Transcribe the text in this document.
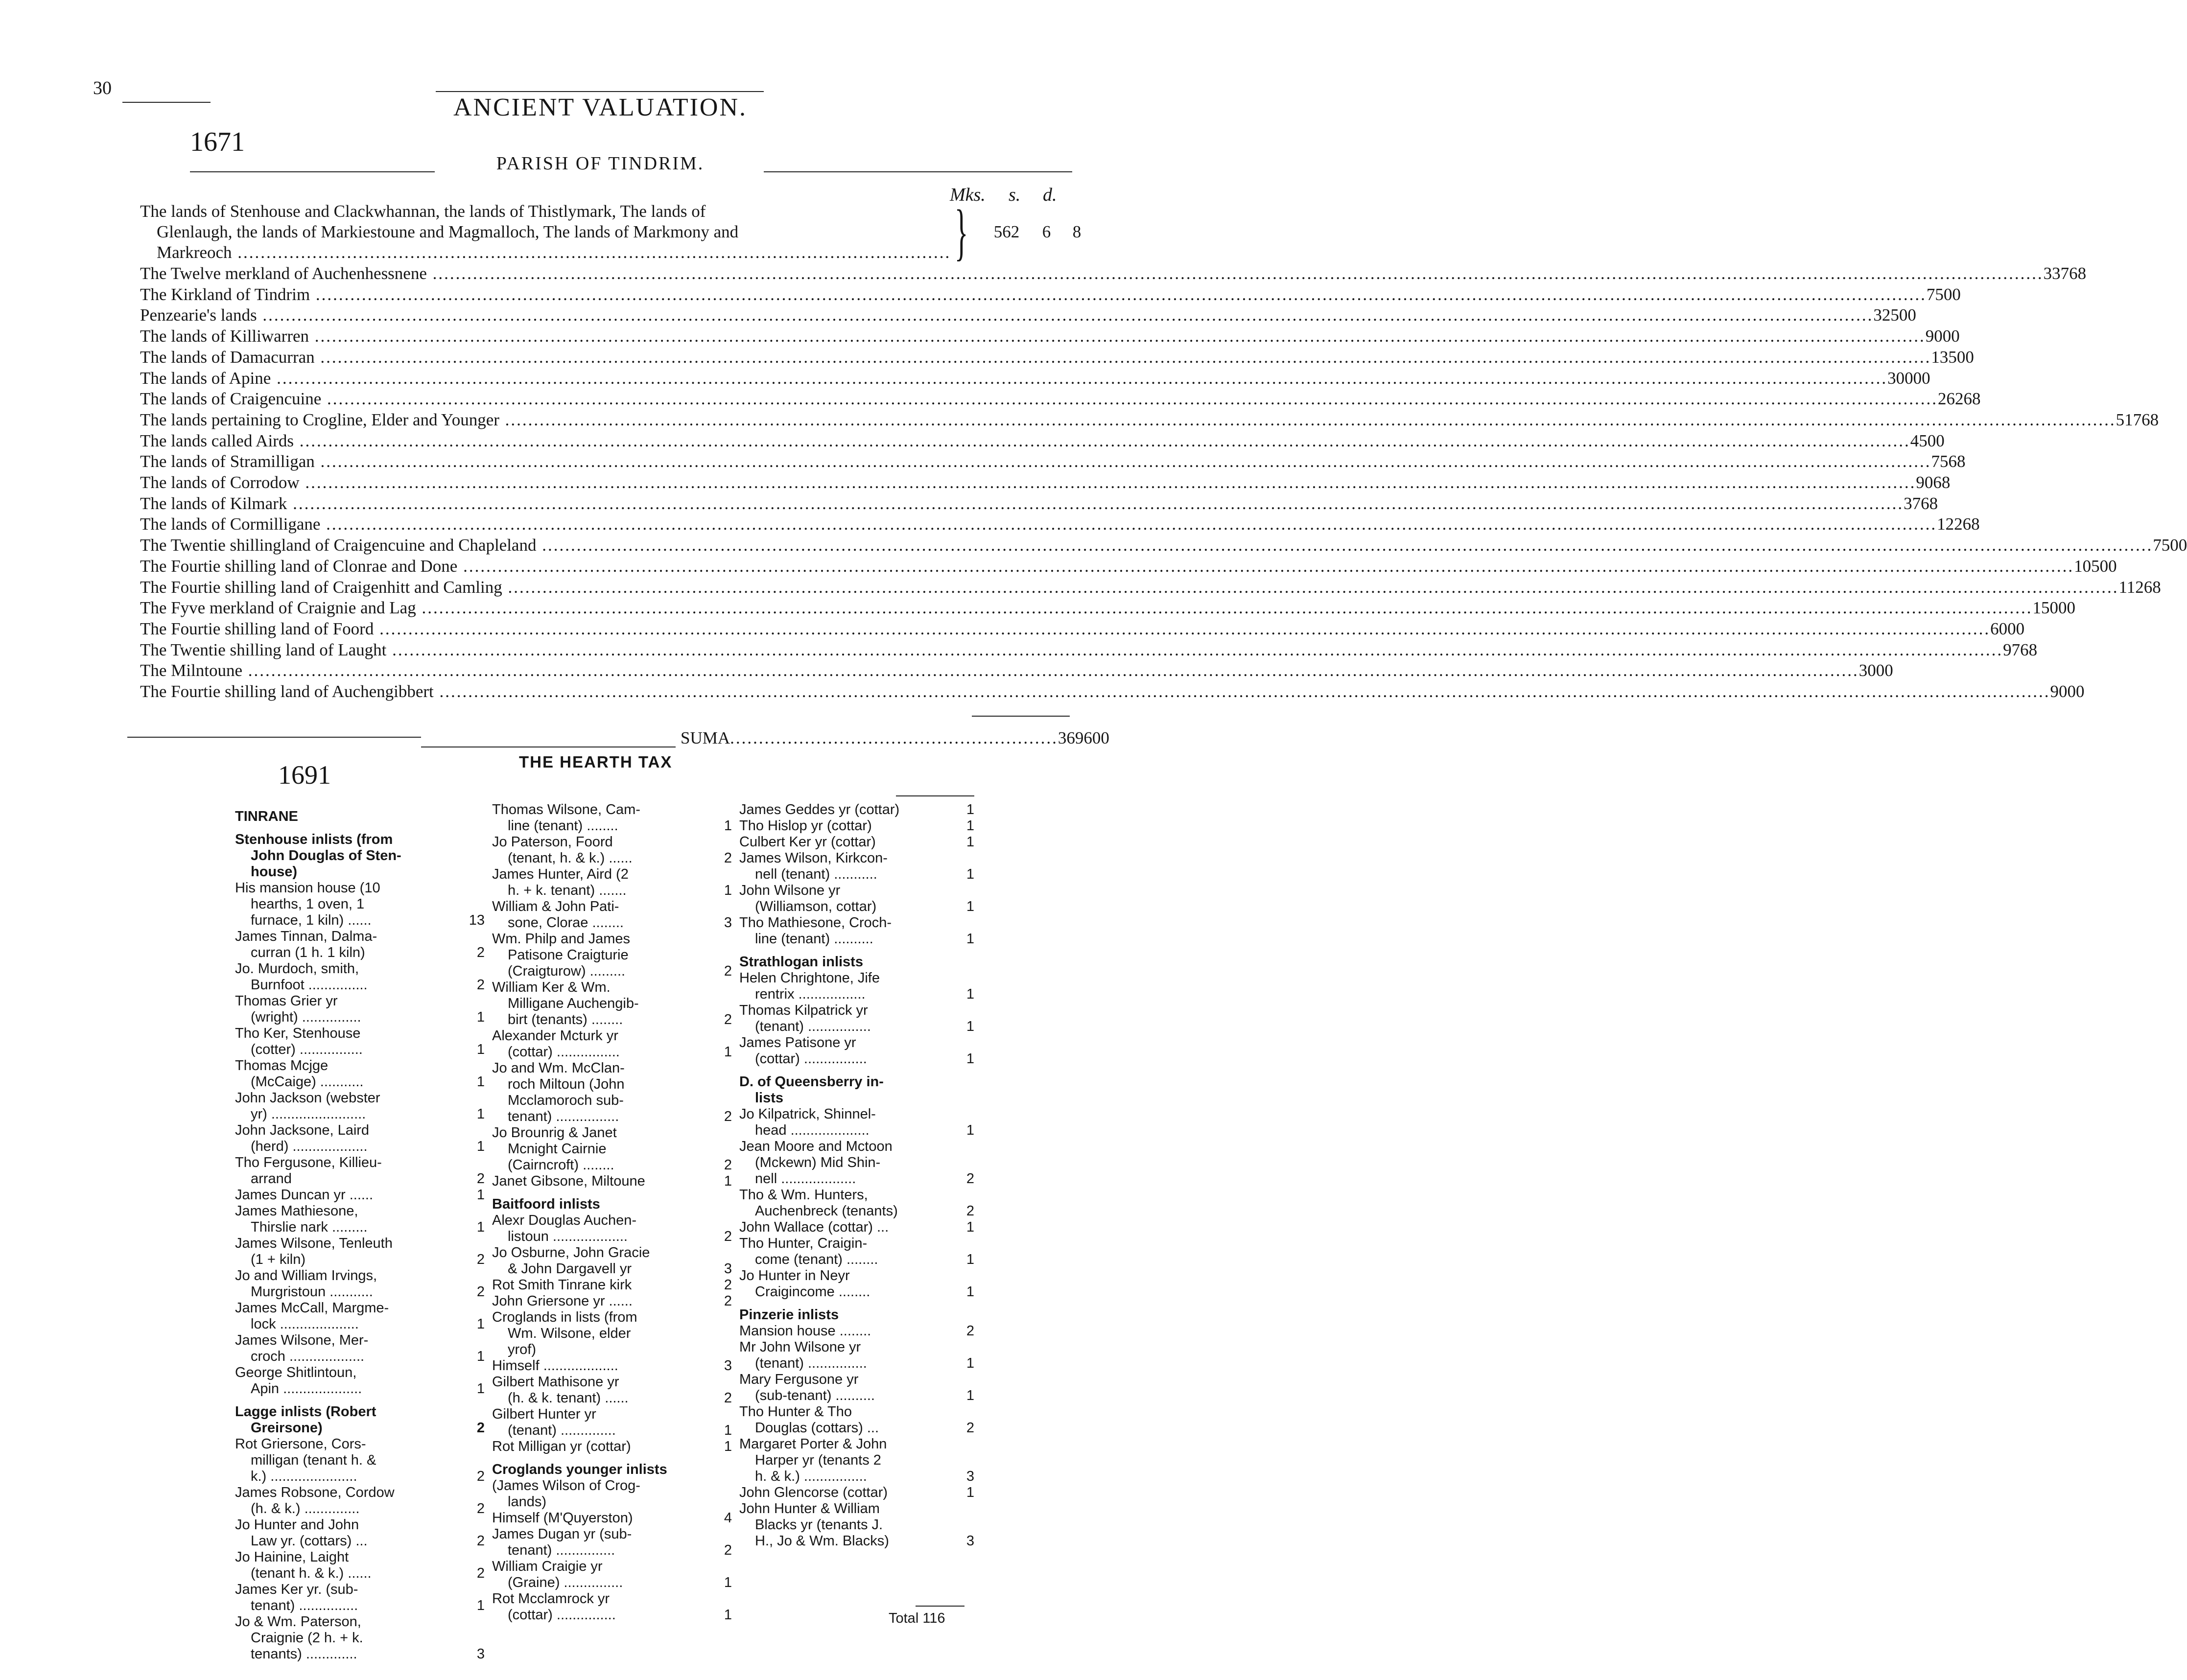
30
ANCIENT VALUATION.
1671
PARISH OF TINDRIM.
Mks. s. d.
The lands of Stenhouse and Clackwhannan, the lands of Thistlymark, The lands of
Glenlaugh, the lands of Markiestoune and Magmalloch, The lands of Markmony and
Markreoch ............................................................................................................................ }	562	6	8
The Twelve merkland of Auchenhessnene .....	337 6 8
The Kirkland of Tindrim .....	75 0 0
Penzearie's lands .....	325 0 0
The lands of Killiwarren .....	90 0 0
The lands of Damacurran .....	135 0 0
The lands of Apine .....	300 0 0
The lands of Craigencuine .....	262 6 8
The lands pertaining to Crogline, Elder and Younger .....	517 6 8
The lands called Airds .....	45 0 0
The lands of Stramilligan .....	75 6 8
The lands of Corrodow .....	90 6 8
The lands of Kilmark .....	37 6 8
The lands of Cormilligane .....	122 6 8
The Twentie shillingland of Craigencuine and Chapleland .....	75 0 0
The Fourtie shilling land of Clonrae and Done .....	105 0 0
The Fourtie shilling land of Craigenhitt and Camling .....	112 6 8
The Fyve merkland of Craignie and Lag .....	150 0 0
The Fourtie shilling land of Foord .....	60 0 0
The Twentie shilling land of Laught .....	97 6 8
The Milntoune .....	30 0 0
The Fourtie shilling land of Auchengibbert .....	90 0 0
SUMA......................................................... 3696 0 0
1691	THE HEARTH TAX
TINRANE
Stenhouse inlists (from
John Douglas of Sten-
house)
His mansion house (10
hearths, 1 oven, 1
furnace, 1 kiln) ......	13
James Tinnan, Dalma-
curran (1 h. 1 kiln)	2
Jo. Murdoch, smith,
Burnfoot ...............	2
Thomas Grier yr
(wright) ...............	1
Tho Ker, Stenhouse
(cotter) ................	1
Thomas Mcjge
(McCaige) ...........	1
John Jackson (webster
yr) ........................	1
John Jacksone, Laird
(herd) ...................	1
Tho Fergusone, Killieu-
arrand	2
James Duncan yr ......	1
James Mathiesone,
Thirslie nark .........	1
James Wilsone, Tenleuth
(1 + kiln)	2
Jo and William Irvings,
Murgristoun ...........	2
James McCall, Margme-
lock ....................	1
James Wilsone, Mer-
croch ...................	1
George Shitlintoun,
Apin ....................	1
Lagge inlists (Robert
Greirsone)	2
Rot Griersone, Cors-
milligan (tenant h. &
k.) ......................	2
James Robsone, Cordow
(h. & k.) ..............	2
Jo Hunter and John
Law yr. (cottars) ...	2
Jo Hainine, Laight
(tenant h. & k.) ......	2
James Ker yr. (sub-
tenant) ...............	1
Jo & Wm. Paterson,
Craignie (2 h. + k.
tenants) .............	3
Thomas Wilsone, Cam-
line (tenant) ........	1
Jo Paterson, Foord
(tenant, h. & k.) ......	2
James Hunter, Aird (2
h. + k. tenant) .......	1
William & John Pati-
sone, Clorae ........	3
Wm. Philp and James
Patisone Craigturie
(Craigturow) .........	2
William Ker & Wm.
Milligane Auchengib-
birt (tenants) ........	2
Alexander Mcturk yr
(cottar) ................	1
Jo and Wm. McClan-
roch Miltoun (John
Mcclamoroch sub-
tenant) ................	2
Jo Brounrig & Janet
Mcnight Cairnie
(Cairncroft) ........	2
Janet Gibsone, Miltoune	1
Baitfoord inlists
Alexr Douglas Auchen-
listoun ...................	2
Jo Osburne, John Gracie
& John Dargavell yr	3
Rot Smith Tinrane kirk	2
John Griersone yr ......	2
Croglands in lists (from
Wm. Wilsone, elder
yrof)
Himself ...................	3
Gilbert Mathisone yr
(h. & k. tenant) ......	2
Gilbert Hunter yr
(tenant) ..............	1
Rot Milligan yr (cottar)	1
Croglands younger inlists
(James Wilson of Crog-
lands)
Himself (M'Quyerston)	4
James Dugan yr (sub-
tenant) ...............	2
William Craigie yr
(Graine) ...............	1
Rot Mcclamrock yr
(cottar) ...............	1
James Geddes yr (cottar)	1
Tho Hislop yr (cottar)	1
Culbert Ker yr (cottar)	1
James Wilson, Kirkcon-
nell (tenant) ...........	1
John Wilsone yr
(Williamson, cottar)	1
Tho Mathiesone, Croch-
line (tenant) ..........	1
Strathlogan inlists
Helen Chrightone, Jife
rentrix .................	1
Thomas Kilpatrick yr
(tenant) ................	1
James Patisone yr
(cottar) ................	1
D. of Queensberry in-
lists
Jo Kilpatrick, Shinnel-
head ....................	1
Jean Moore and Mctoon
(Mckewn) Mid Shin-
nell ...................	2
Tho & Wm. Hunters,
Auchenbreck (tenants)	2
John Wallace (cottar) ...	1
Tho Hunter, Craigin-
come (tenant) ........	1
Jo Hunter in Neyr
Craigincome ........	1
Pinzerie inlists
Mansion house ........	2
Mr John Wilsone yr
(tenant) ...............	1
Mary Fergusone yr
(sub-tenant) ..........	1
Tho Hunter & Tho
Douglas (cottars) ...	2
Margaret Porter & John
Harper yr (tenants 2
h. & k.) ................	3
John Glencorse (cottar)	1
John Hunter & William
Blacks yr (tenants J.
H., Jo & Wm. Blacks)	3
Total 116
